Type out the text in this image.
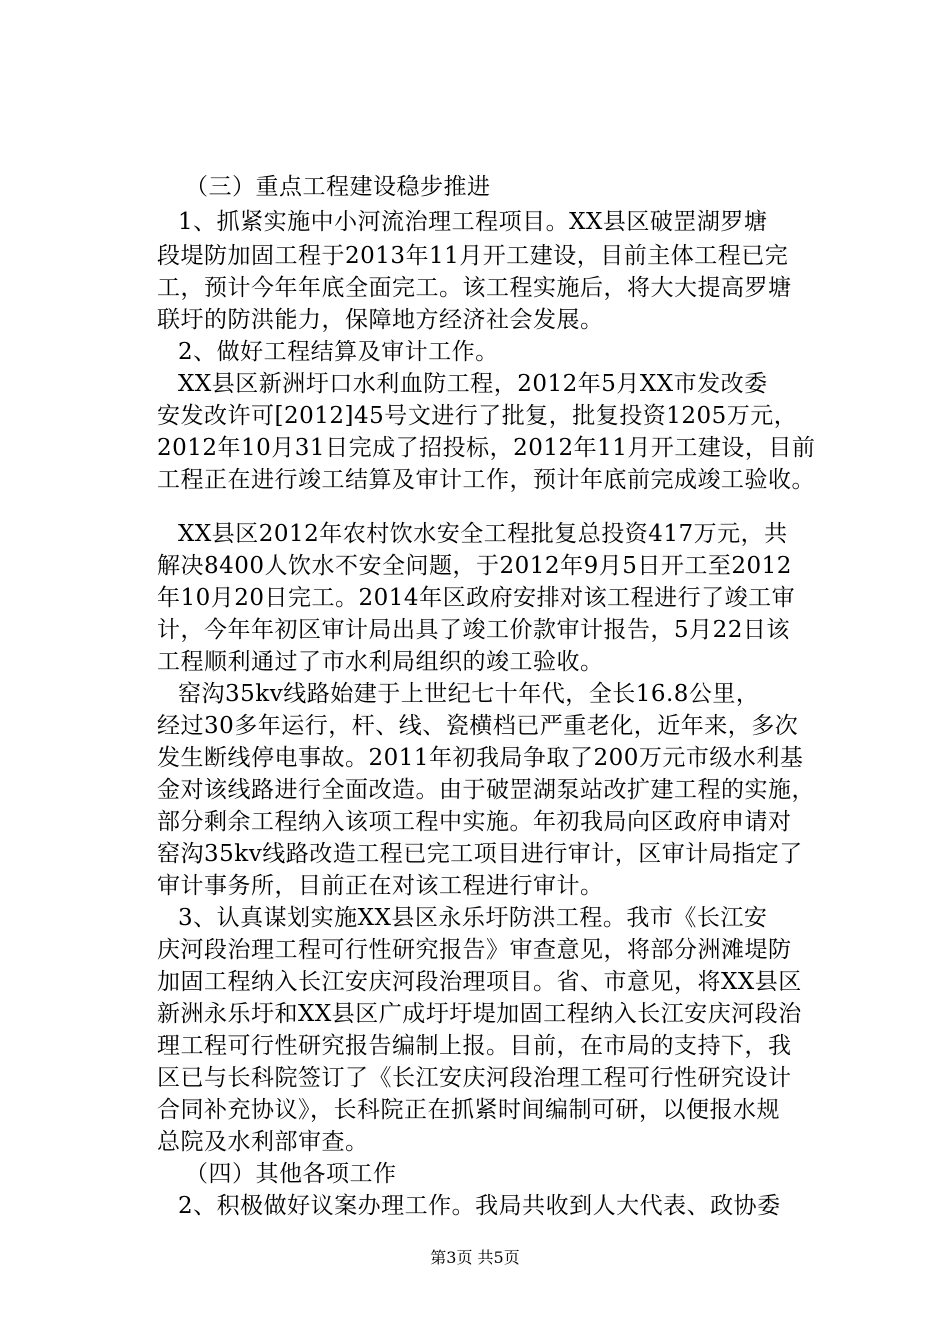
（三）重点工程建设稳步推进
1、抓紧实施中小河流治理工程项目。XX县区破罡湖罗塘
段堤防加固工程于2013年11月开工建设，目前主体工程已完
工，预计今年年底全面完工。该工程实施后，将大大提高罗塘
联圩的防洪能力，保障地方经济社会发展。
2、做好工程结算及审计工作。
XX县区新洲圩口水利血防工程，2012年5月XX市发改委
安发改许可[2012]45号文进行了批复，批复投资1205万元，
2012年10月31日完成了招投标，2012年11月开工建设，目前
工程正在进行竣工结算及审计工作，预计年底前完成竣工验收。
XX县区2012年农村饮水安全工程批复总投资417万元，共
解决8400人饮水不安全问题，于2012年9月5日开工至2012
年10月20日完工。2014年区政府安排对该工程进行了竣工审
计，今年年初区审计局出具了竣工价款审计报告，5月22日该
工程顺利通过了市水利局组织的竣工验收。
窑沟35kv线路始建于上世纪七十年代，全长16.8公里，
经过30多年运行，杆、线、瓷横档已严重老化，近年来，多次
发生断线停电事故。2011年初我局争取了200万元市级水利基
金对该线路进行全面改造。由于破罡湖泵站改扩建工程的实施，
部分剩余工程纳入该项工程中实施。年初我局向区政府申请对
窑沟35kv线路改造工程已完工项目进行审计，区审计局指定了
审计事务所，目前正在对该工程进行审计。
3、认真谋划实施XX县区永乐圩防洪工程。我市《长江安
庆河段治理工程可行性研究报告》审查意见，将部分洲滩堤防
加固工程纳入长江安庆河段治理项目。省、市意见，将XX县区
新洲永乐圩和XX县区广成圩圩堤加固工程纳入长江安庆河段治
理工程可行性研究报告编制上报。目前，在市局的支持下，我
区已与长科院签订了《长江安庆河段治理工程可行性研究设计
合同补充协议》，长科院正在抓紧时间编制可研，以便报水规
总院及水利部审查。
（四）其他各项工作
2、积极做好议案办理工作。我局共收到人大代表、政协委
第3页 共5页
